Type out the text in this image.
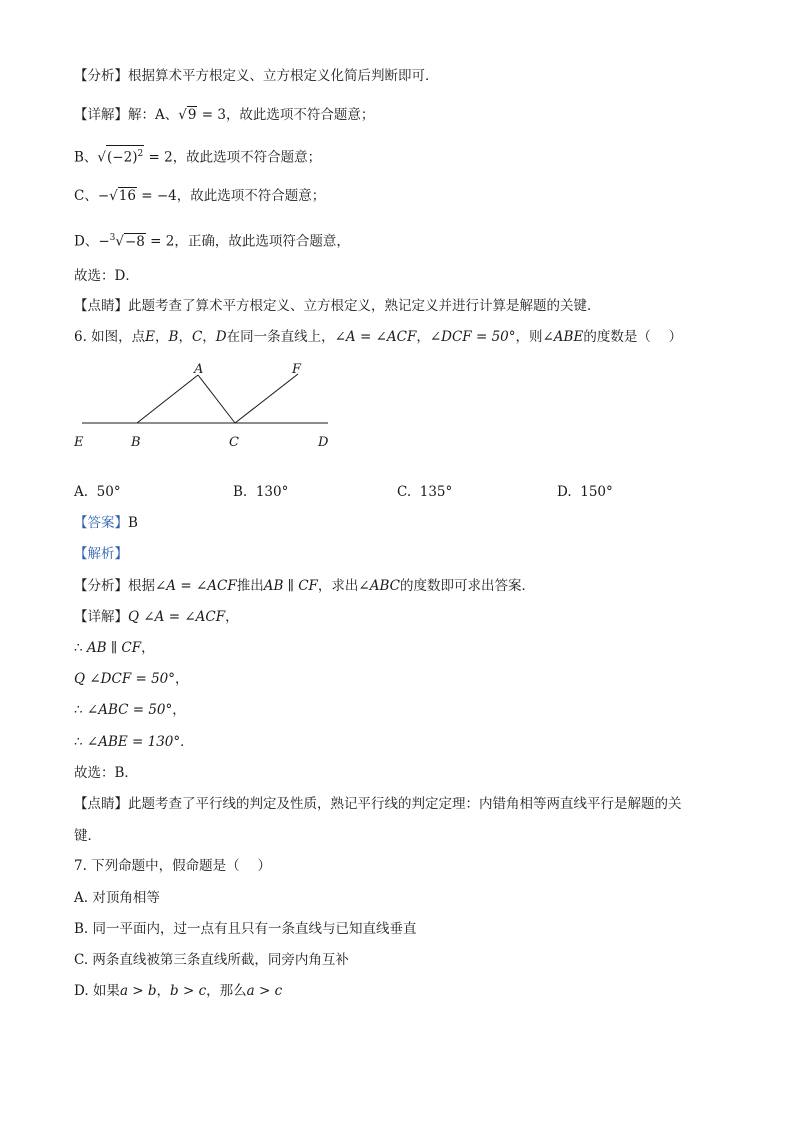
【分析】根据算术平方根定义、立方根定义化简后判断即可．
【详解】解：A、√9 = 3，故此选项不符合题意；
B、$√(-2)^2 = 2$，故此选项不符合题意；
C、−√16 = −4，故此选项不符合题意；
D、−$^3$√−8 = 2，正确，故此选项符合题意，
故选：D．
【点睛】此题考查了算术平方根定义、立方根定义，熟记定义并进行计算是解题的关键．
6. 如图，点E，B，C，D在同一条直线上，∠A = ∠ACF，∠DCF = 50°，则∠ABE的度数是（　 ）
A	F
E	B	C	D
A. 50°	B. 130°	C. 135°	D. 150°
【答案】B
【解析】
【分析】根据∠A = ∠ACF推出AB ∥ CF，求出∠ABC的度数即可求出答案．
【详解】Q ∠A = ∠ACF，
∴ AB ∥ CF，
Q ∠DCF = 50°，
∴ ∠ABC = 50°，
∴ ∠ABE = 130°．
故选：B．
【点睛】此题考查了平行线的判定及性质，熟记平行线的判定定理：内错角相等两直线平行是解题的关
键．
7. 下列命题中，假命题是（　 ）
A. 对顶角相等
B. 同一平面内，过一点有且只有一条直线与已知直线垂直
C. 两条直线被第三条直线所截，同旁内角互补
D. 如果a > b，b > c，那么a > c
